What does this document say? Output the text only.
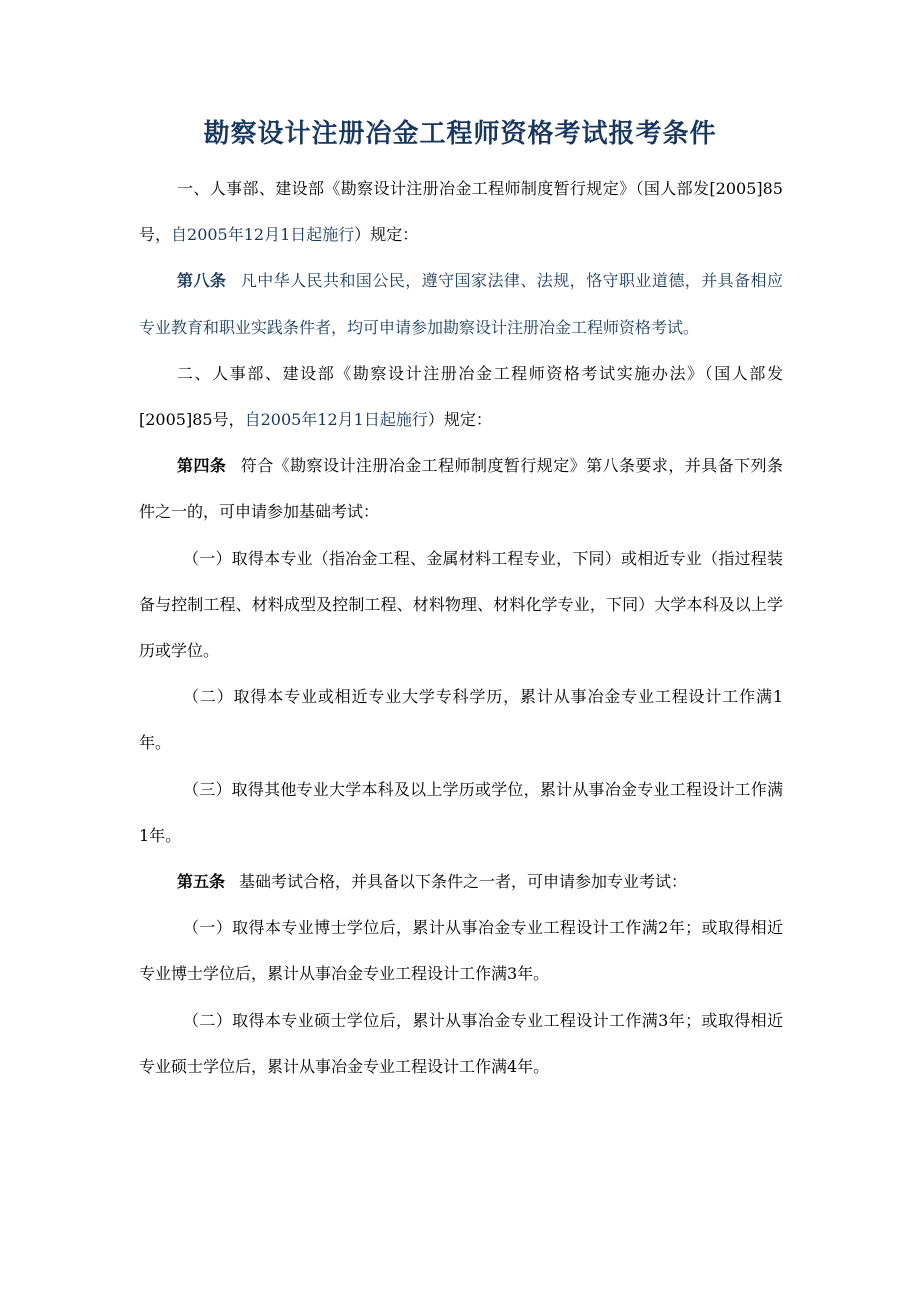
勘察设计注册冶金工程师资格考试报考条件

一、人事部、建设部《勘察设计注册冶金工程师制度暂行规定》（国人部发[2005]85号，自2005年12月1日起施行）规定：

第八条 凡中华人民共和国公民，遵守国家法律、法规，恪守职业道德，并具备相应专业教育和职业实践条件者，均可申请参加勘察设计注册冶金工程师资格考试。

二、人事部、建设部《勘察设计注册冶金工程师资格考试实施办法》（国人部发[2005]85号，自2005年12月1日起施行）规定：

第四条 符合《勘察设计注册冶金工程师制度暂行规定》第八条要求，并具备下列条件之一的，可申请参加基础考试：

（一）取得本专业（指冶金工程、金属材料工程专业，下同）或相近专业（指过程装备与控制工程、材料成型及控制工程、材料物理、材料化学专业，下同）大学本科及以上学历或学位。

（二）取得本专业或相近专业大学专科学历，累计从事冶金专业工程设计工作满1年。

（三）取得其他专业大学本科及以上学历或学位，累计从事冶金专业工程设计工作满1年。

第五条 基础考试合格，并具备以下条件之一者，可申请参加专业考试：

（一）取得本专业博士学位后，累计从事冶金专业工程设计工作满2年；或取得相近专业博士学位后，累计从事冶金专业工程设计工作满3年。

（二）取得本专业硕士学位后，累计从事冶金专业工程设计工作满3年；或取得相近专业硕士学位后，累计从事冶金专业工程设计工作满4年。
